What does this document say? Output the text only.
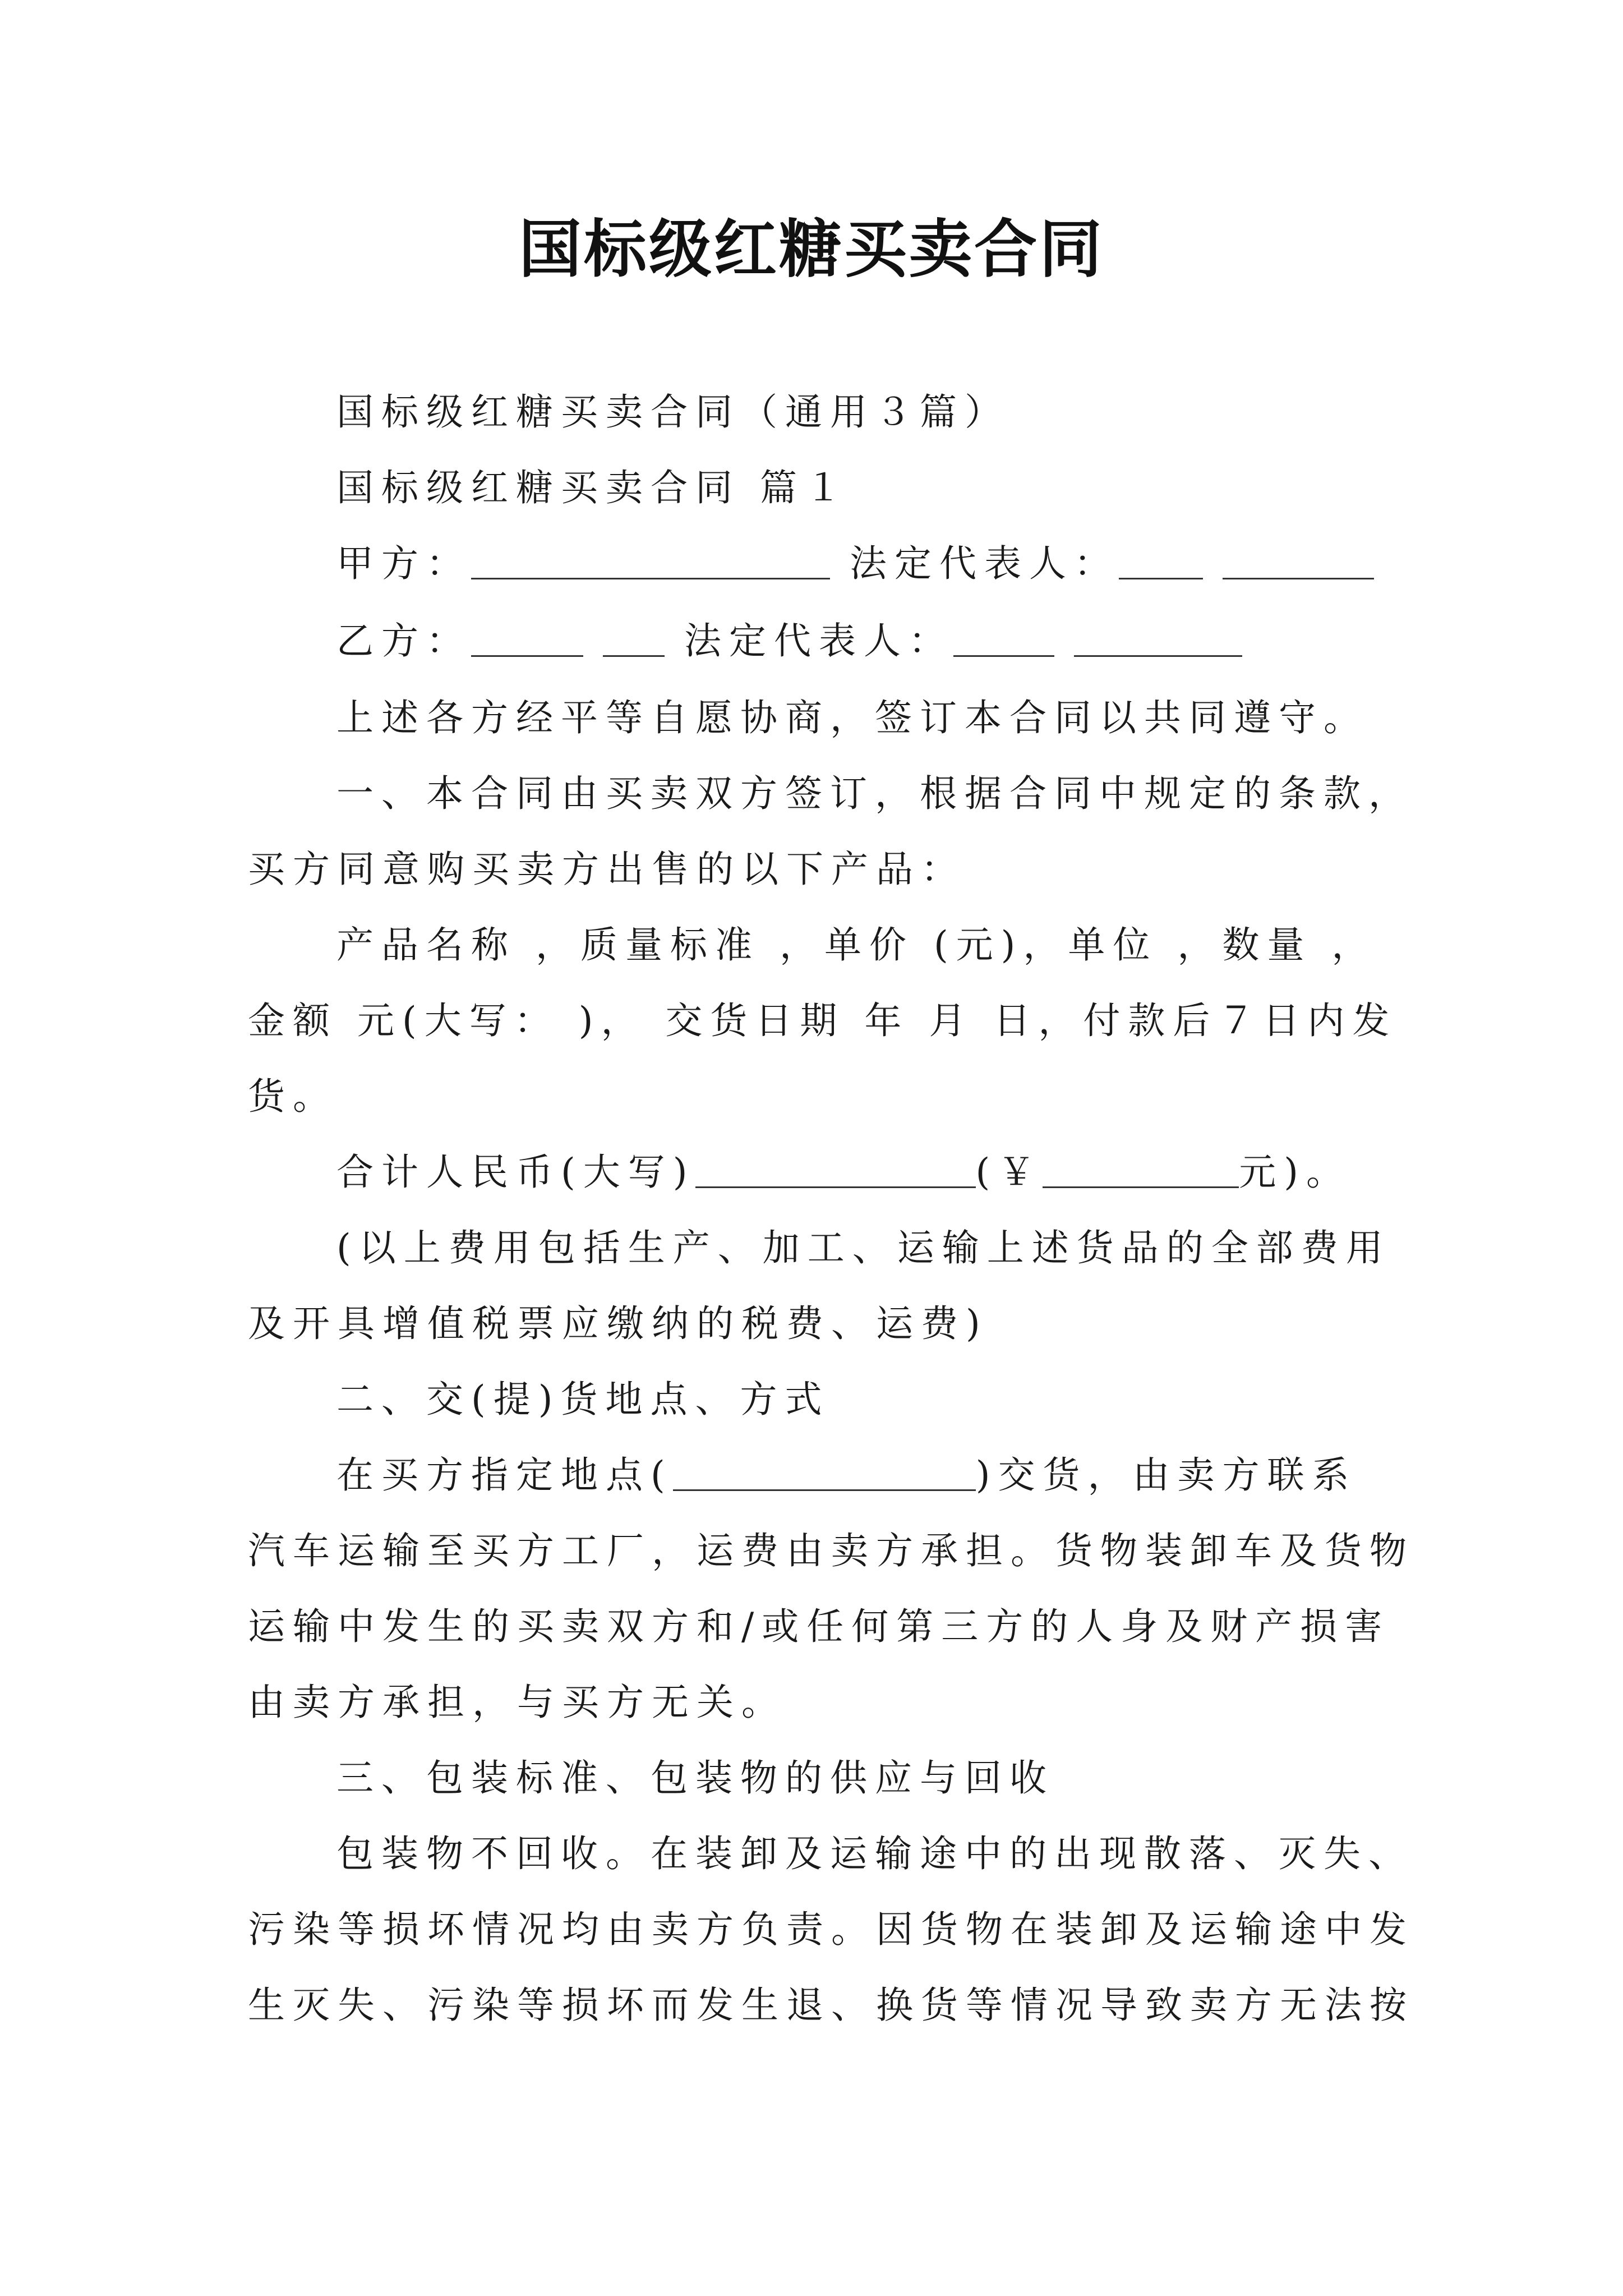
国标级红糖买卖合同
国标级红糖买卖合同（通用３篇）
国标级红糖买卖合同 篇１
甲方：	法定代表人：
乙方：	法定代表人：
上述各方经平等自愿协商，签订本合同以共同遵守。
一、本合同由买卖双方签订，根据合同中规定的条款，
买方同意购买卖方出售的以下产品：
产品名称 ，质量标准 ，单价 (元)，单位 ，数量 ，
金额 元(大写： )， 交货日期 年 月 日，付款后７日内发
货。
合计人民币(大写)	(￥	元)。
(以上费用包括生产、加工、运输上述货品的全部费用
及开具增值税票应缴纳的税费、运费)
二、交(提)货地点、方式
在买方指定地点(	)交货，由卖方联系
汽车运输至买方工厂，运费由卖方承担。货物装卸车及货物
运输中发生的买卖双方和/或任何第三方的人身及财产损害
由卖方承担，与买方无关。
三、包装标准、包装物的供应与回收
包装物不回收。在装卸及运输途中的出现散落、灭失、
污染等损坏情况均由卖方负责。因货物在装卸及运输途中发
生灭失、污染等损坏而发生退、换货等情况导致卖方无法按
